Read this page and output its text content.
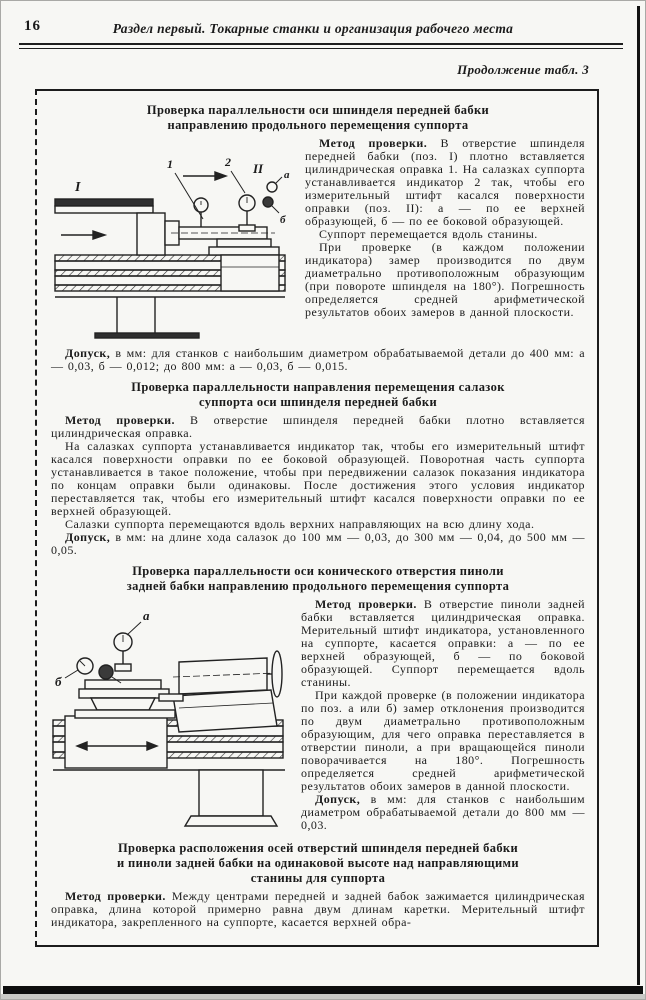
16	Раздел первый. Токарные станки и организация рабочего места
Продолжение табл. 3
Проверка параллельности оси шпинделя передней бабки
направлению продольного перемещения суппорта
I
1	2 II а
б

Метод проверки. В отверстие шпинделя передней бабки (поз. I) плотно вставляется цилиндрическая оправка 1. На салазках суппорта устанавливается индикатор 2 так, чтобы его измерительный штифт касался поверхности оправки (поз. II): а — по ее верхней образующей, б — по ее боковой образующей.

Суппорт перемещается вдоль станины.

При проверке (в каждом положении индикатора) замер производится по двум диаметрально противоположным образующим (при повороте шпинделя на 180°). Погрешность определяется средней арифметической результатов обоих замеров в данной плоскости.

Допуск, в мм: для станков с наибольшим диаметром обрабатываемой детали до 400 мм: а — 0,03, б — 0,012; до 800 мм: а — 0,03, б — 0,015.

Проверка параллельности направления перемещения салазок
суппорта оси шпинделя передней бабки

Метод проверки. В отверстие шпинделя передней бабки плотно вставляется цилиндрическая оправка.

На салазках суппорта устанавливается индикатор так, чтобы его измерительный штифт касался поверхности оправки по ее боковой образующей. Поворотная часть суппорта устанавливается в такое положение, чтобы при передвижении салазок показания индикатора по концам оправки были одинаковы. После достижения этого условия индикатор переставляется так, чтобы его измерительный штифт касался поверхности оправки по ее верхней образующей.

Салазки суппорта перемещаются вдоль верхних направляющих на всю длину хода.

Допуск, в мм: на длине хода салазок до 100 мм — 0,03, до 300 мм — 0,04, до 500 мм — 0,05.

Проверка параллельности оси конического отверстия пиноли
задней бабки направлению продольного перемещения суппорта
а
б

Метод проверки. В отверстие пиноли задней бабки вставляется цилиндрическая оправка. Мерительный штифт индикатора, установленного на суппорте, касается оправки: а — по ее верхней образующей, б — по боковой образующей. Суппорт перемещается вдоль станины.

При каждой проверке (в положении индикатора по поз. а или б) замер отклонения производится по двум диаметрально противоположным образующим, для чего оправка переставляется в отверстии пиноли, а при вращающейся пиноли поворачивается на 180°. Погрешность определяется средней арифметической результатов обоих замеров в данной плоскости.

Допуск, в мм: для станков с наибольшим диаметром обрабатываемой детали до 800 мм — 0,03.

Проверка расположения осей отверстий шпинделя передней бабки
и пиноли задней бабки на одинаковой высоте над направляющими
станины для суппорта

Метод проверки. Между центрами передней и задней бабок зажимается цилиндрическая оправка, длина которой примерно равна двум длинам каретки. Мерительный штифт индикатора, закрепленного на суппорте, касается верхней обра-
